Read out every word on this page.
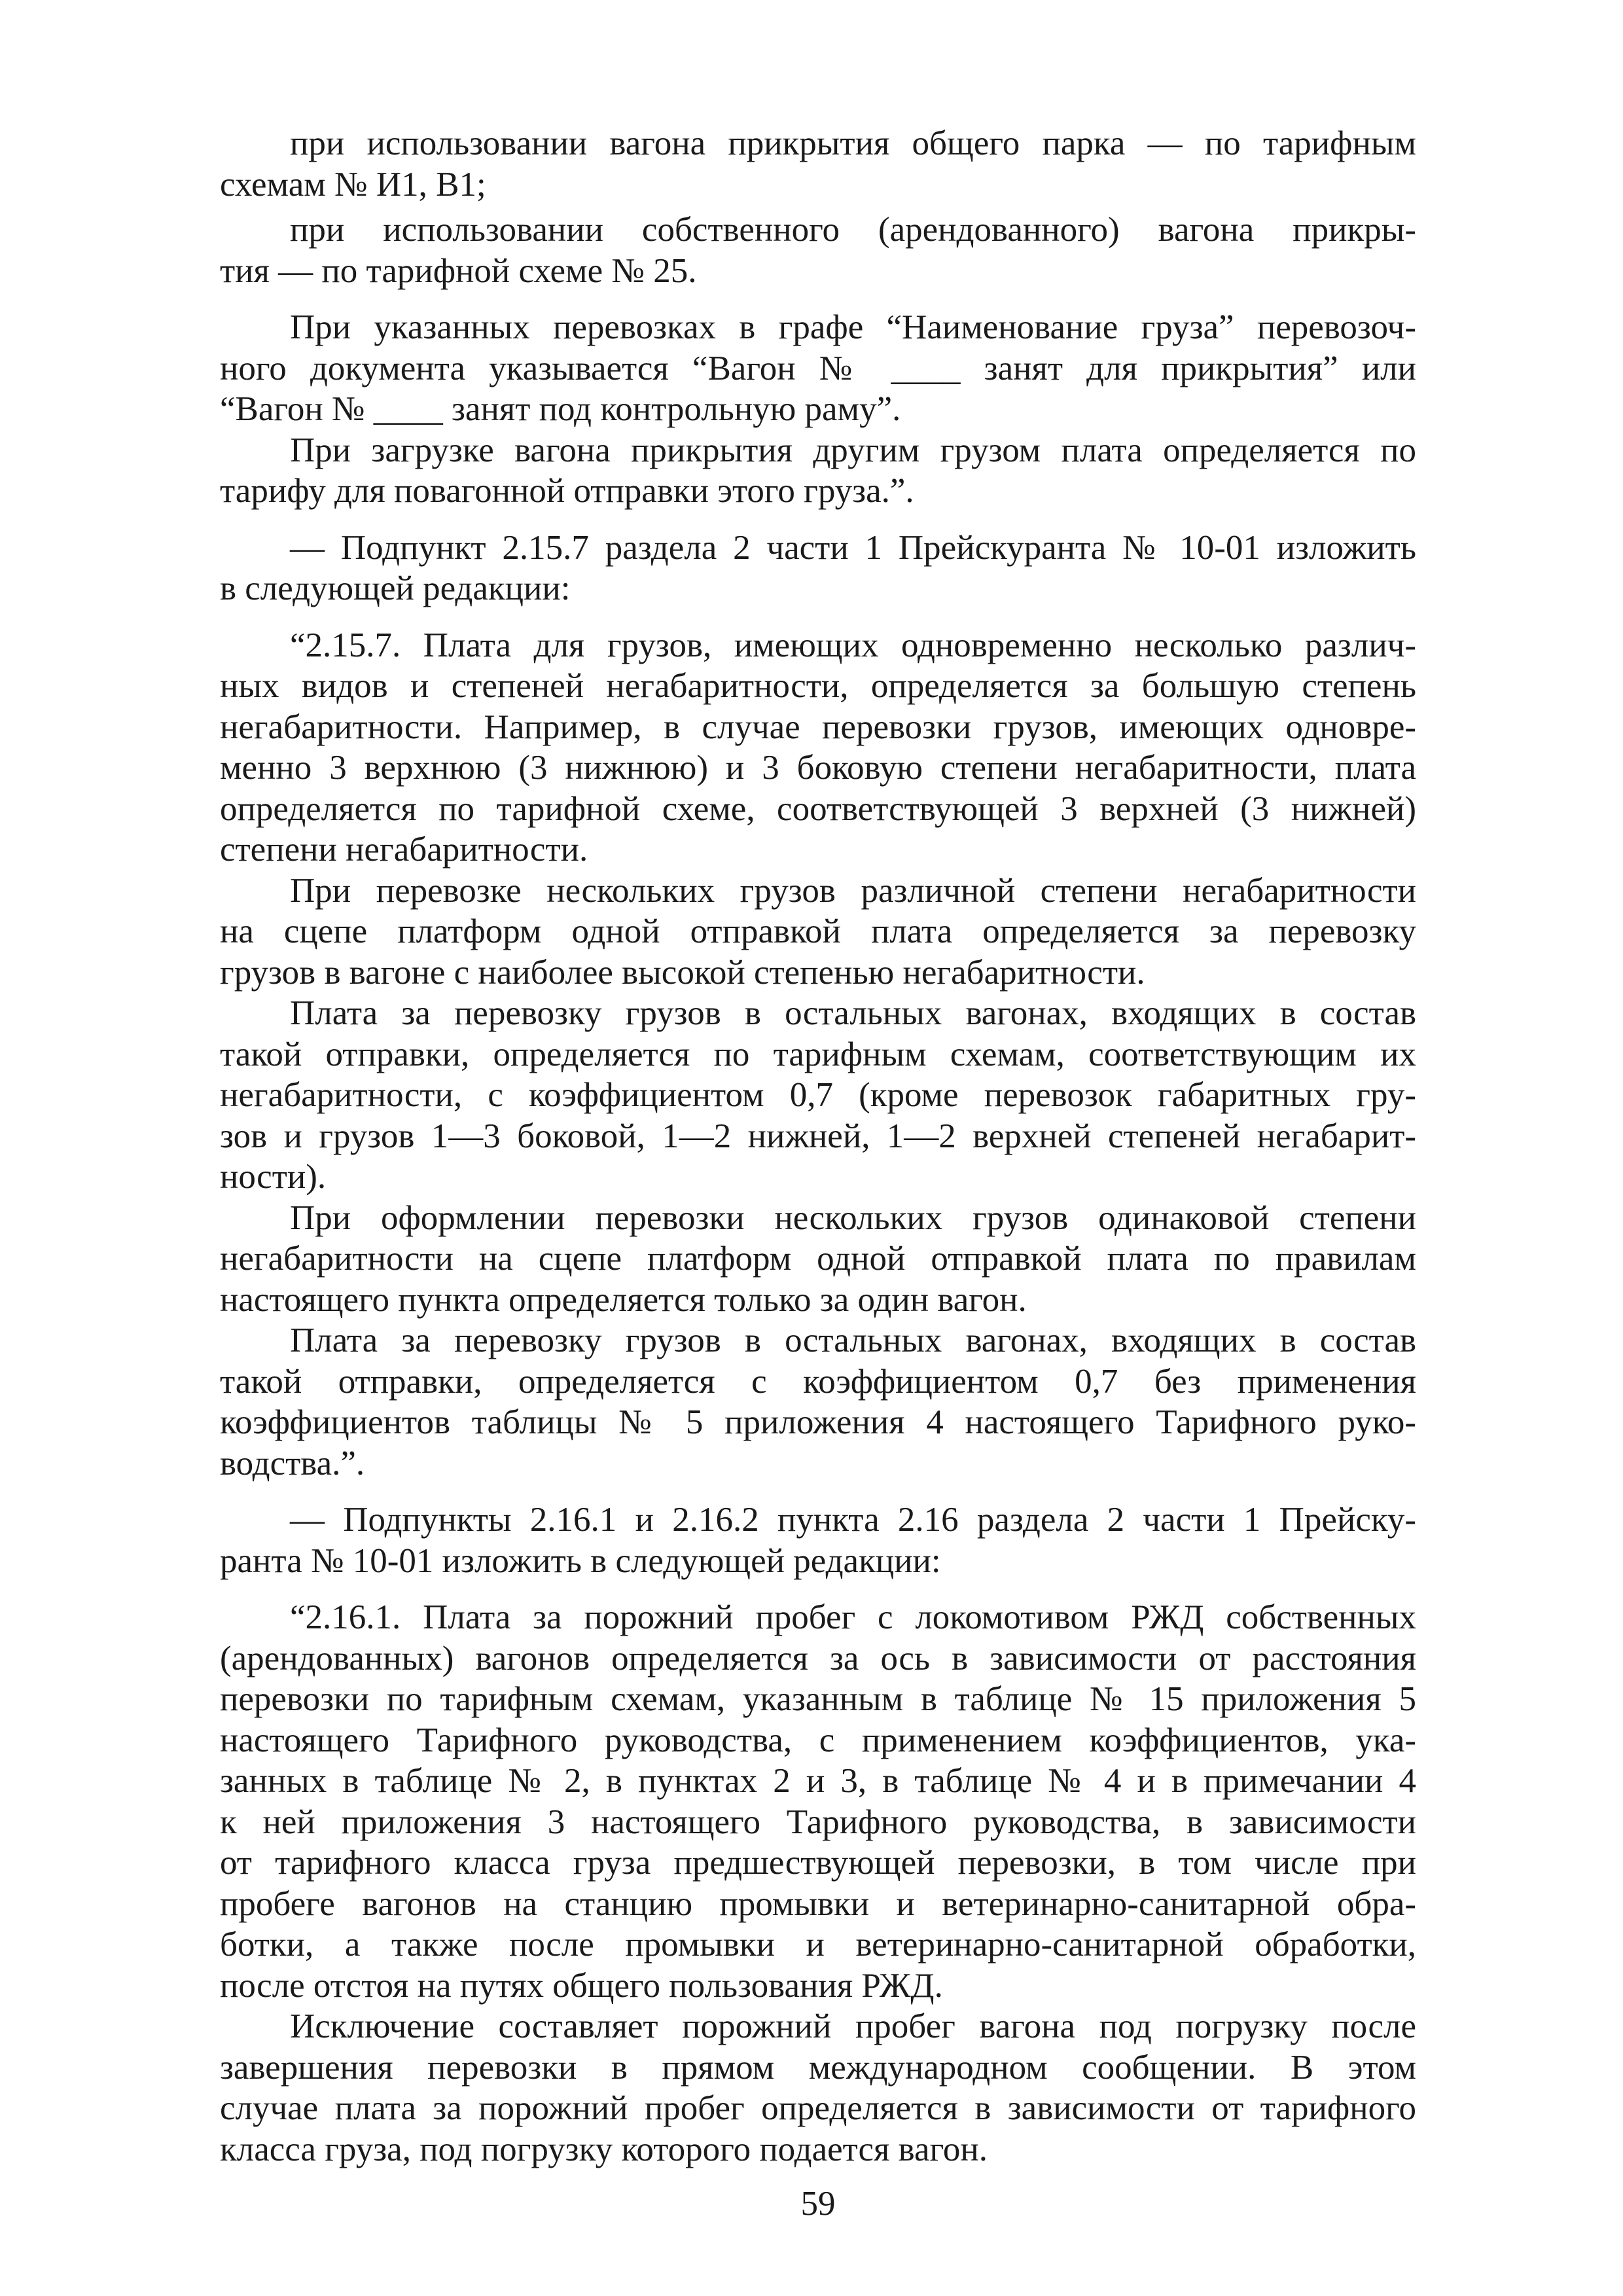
при использовании вагона прикрытия общего парка — по тарифным
схемам № И1, В1;
при использовании собственного (арендованного) вагона прикры-
тия — по тарифной схеме № 25.
При указанных перевозках в графе “Наименование груза” перевозоч-
ного документа указывается “Вагон № ____ занят для прикрытия” или
“Вагон № ____ занят под контрольную раму”.
При загрузке вагона прикрытия другим грузом плата определяется по
тарифу для повагонной отправки этого груза.”.
— Подпункт 2.15.7 раздела 2 части 1 Прейскуранта № 10-01 изложить
в следующей редакции:
“2.15.7. Плата для грузов, имеющих одновременно несколько различ-
ных видов и степеней негабаритности, определяется за большую степень
негабаритности. Например, в случае перевозки грузов, имеющих одновре-
менно 3 верхнюю (3 нижнюю) и 3 боковую степени негабаритности, плата
определяется по тарифной схеме, соответствующей 3 верхней (3 нижней)
степени негабаритности.
При перевозке нескольких грузов различной степени негабаритности
на сцепе платформ одной отправкой плата определяется за перевозку
грузов в вагоне с наиболее высокой степенью негабаритности.
Плата за перевозку грузов в остальных вагонах, входящих в состав
такой отправки, определяется по тарифным схемам, соответствующим их
негабаритности, с коэффициентом 0,7 (кроме перевозок габаритных гру-
зов и грузов 1—3 боковой, 1—2 нижней, 1—2 верхней степеней негабарит-
ности).
При оформлении перевозки нескольких грузов одинаковой степени
негабаритности на сцепе платформ одной отправкой плата по правилам
настоящего пункта определяется только за один вагон.
Плата за перевозку грузов в остальных вагонах, входящих в состав
такой отправки, определяется с коэффициентом 0,7 без применения
коэффициентов таблицы № 5 приложения 4 настоящего Тарифного руко-
водства.”.
— Подпункты 2.16.1 и 2.16.2 пункта 2.16 раздела 2 части 1 Прейску-
ранта № 10-01 изложить в следующей редакции:
“2.16.1. Плата за порожний пробег с локомотивом РЖД собственных
(арендованных) вагонов определяется за ось в зависимости от расстояния
перевозки по тарифным схемам, указанным в таблице № 15 приложения 5
настоящего Тарифного руководства, с применением коэффициентов, ука-
занных в таблице № 2, в пунктах 2 и 3, в таблице № 4 и в примечании 4
к ней приложения 3 настоящего Тарифного руководства, в зависимости
от тарифного класса груза предшествующей перевозки, в том числе при
пробеге вагонов на станцию промывки и ветеринарно-санитарной обра-
ботки, а также после промывки и ветеринарно-санитарной обработки,
после отстоя на путях общего пользования РЖД.
Исключение составляет порожний пробег вагона под погрузку после
завершения перевозки в прямом международном сообщении. В этом
случае плата за порожний пробег определяется в зависимости от тарифного
класса груза, под погрузку которого подается вагон.
59
